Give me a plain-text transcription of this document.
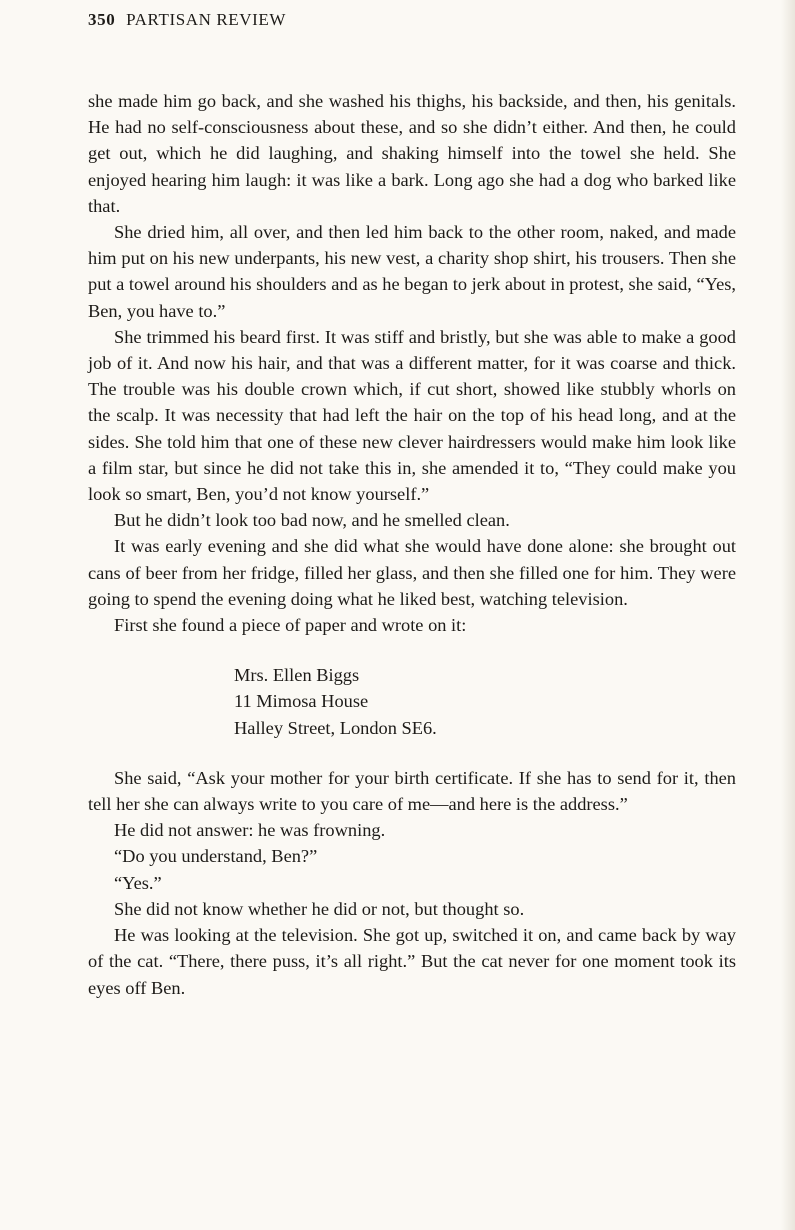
350 PARTISAN REVIEW

she made him go back, and she washed his thighs, his backside, and then, his genitals. He had no self-consciousness about these, and so she didn’t either. And then, he could get out, which he did laughing, and shaking himself into the towel she held. She enjoyed hearing him laugh: it was like a bark. Long ago she had a dog who barked like that.

She dried him, all over, and then led him back to the other room, naked, and made him put on his new underpants, his new vest, a charity shop shirt, his trousers. Then she put a towel around his shoulders and as he began to jerk about in protest, she said, “Yes, Ben, you have to.”

She trimmed his beard first. It was stiff and bristly, but she was able to make a good job of it. And now his hair, and that was a different matter, for it was coarse and thick. The trouble was his double crown which, if cut short, showed like stubbly whorls on the scalp. It was necessity that had left the hair on the top of his head long, and at the sides. She told him that one of these new clever hairdressers would make him look like a film star, but since he did not take this in, she amended it to, “They could make you look so smart, Ben, you’d not know yourself.”

But he didn’t look too bad now, and he smelled clean.

It was early evening and she did what she would have done alone: she brought out cans of beer from her fridge, filled her glass, and then she filled one for him. They were going to spend the evening doing what he liked best, watching television.

First she found a piece of paper and wrote on it:

Mrs. Ellen Biggs
11 Mimosa House
Halley Street, London SE6.

She said, “Ask your mother for your birth certificate. If she has to send for it, then tell her she can always write to you care of me—and here is the address.”

He did not answer: he was frowning.

“Do you understand, Ben?”

“Yes.”

She did not know whether he did or not, but thought so.

He was looking at the television. She got up, switched it on, and came back by way of the cat. “There, there puss, it’s all right.” But the cat never for one moment took its eyes off Ben.
